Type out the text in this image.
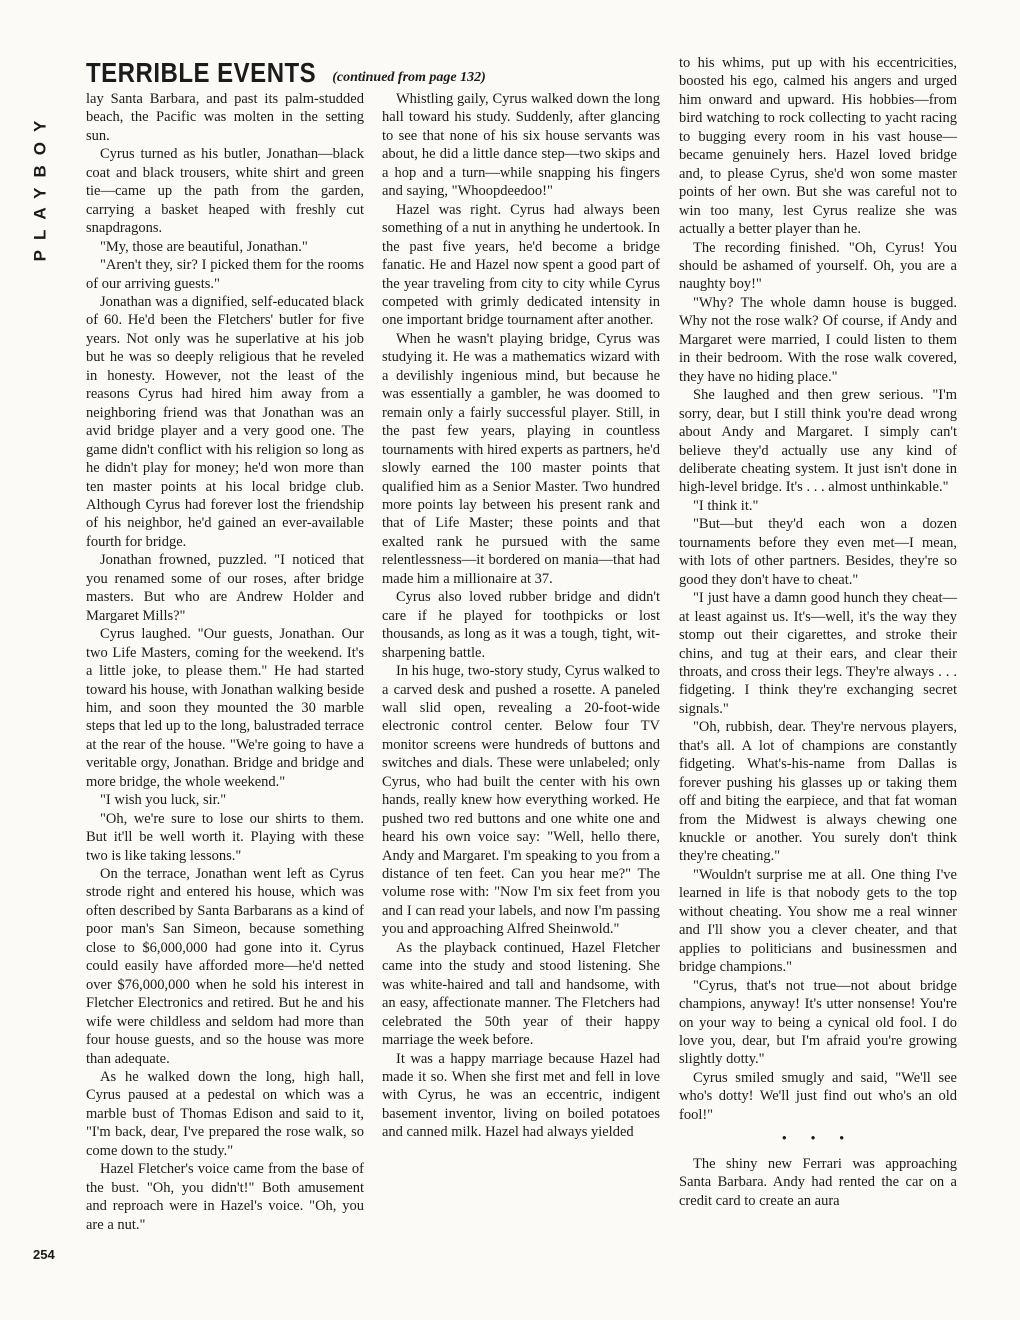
PLAYBOY
TERRIBLE EVENTS (continued from page 132)

lay Santa Barbara, and past its palm-studded beach, the Pacific was molten in the setting sun.

Cyrus turned as his butler, Jonathan—black coat and black trousers, white shirt and green tie—came up the path from the garden, carrying a basket heaped with freshly cut snapdragons.

"My, those are beautiful, Jonathan."

"Aren't they, sir? I picked them for the rooms of our arriving guests."

Jonathan was a dignified, self-educated black of 60. He'd been the Fletchers' butler for five years. Not only was he superlative at his job but he was so deeply religious that he reveled in honesty. However, not the least of the reasons Cyrus had hired him away from a neighboring friend was that Jonathan was an avid bridge player and a very good one. The game didn't conflict with his religion so long as he didn't play for money; he'd won more than ten master points at his local bridge club. Although Cyrus had forever lost the friendship of his neighbor, he'd gained an ever-available fourth for bridge.

Jonathan frowned, puzzled. "I noticed that you renamed some of our roses, after bridge masters. But who are Andrew Holder and Margaret Mills?"

Cyrus laughed. "Our guests, Jonathan. Our two Life Masters, coming for the weekend. It's a little joke, to please them." He had started toward his house, with Jonathan walking beside him, and soon they mounted the 30 marble steps that led up to the long, balustraded terrace at the rear of the house. "We're going to have a veritable orgy, Jonathan. Bridge and bridge and more bridge, the whole weekend."

"I wish you luck, sir."

"Oh, we're sure to lose our shirts to them. But it'll be well worth it. Playing with these two is like taking lessons."

On the terrace, Jonathan went left as Cyrus strode right and entered his house, which was often described by Santa Barbarans as a kind of poor man's San Simeon, because something close to $6,000,000 had gone into it. Cyrus could easily have afforded more—he'd netted over $76,000,000 when he sold his interest in Fletcher Electronics and retired. But he and his wife were childless and seldom had more than four house guests, and so the house was more than adequate.

As he walked down the long, high hall, Cyrus paused at a pedestal on which was a marble bust of Thomas Edison and said to it, "I'm back, dear, I've prepared the rose walk, so come down to the study."

Hazel Fletcher's voice came from the base of the bust. "Oh, you didn't!" Both amusement and reproach were in Hazel's voice. "Oh, you are a nut."

Whistling gaily, Cyrus walked down the long hall toward his study. Suddenly, after glancing to see that none of his six house servants was about, he did a little dance step—two skips and a hop and a turn—while snapping his fingers and saying, "Whoopdeedoo!"

Hazel was right. Cyrus had always been something of a nut in anything he undertook. In the past five years, he'd become a bridge fanatic. He and Hazel now spent a good part of the year traveling from city to city while Cyrus competed with grimly dedicated intensity in one important bridge tournament after another.

When he wasn't playing bridge, Cyrus was studying it. He was a mathematics wizard with a devilishly ingenious mind, but because he was essentially a gambler, he was doomed to remain only a fairly successful player. Still, in the past few years, playing in countless tournaments with hired experts as partners, he'd slowly earned the 100 master points that qualified him as a Senior Master. Two hundred more points lay between his present rank and that of Life Master; these points and that exalted rank he pursued with the same relentlessness—it bordered on mania—that had made him a millionaire at 37.

Cyrus also loved rubber bridge and didn't care if he played for toothpicks or lost thousands, as long as it was a tough, tight, wit-sharpening battle.

In his huge, two-story study, Cyrus walked to a carved desk and pushed a rosette. A paneled wall slid open, revealing a 20-foot-wide electronic control center. Below four TV monitor screens were hundreds of buttons and switches and dials. These were unlabeled; only Cyrus, who had built the center with his own hands, really knew how everything worked. He pushed two red buttons and one white one and heard his own voice say: "Well, hello there, Andy and Margaret. I'm speaking to you from a distance of ten feet. Can you hear me?" The volume rose with: "Now I'm six feet from you and I can read your labels, and now I'm passing you and approaching Alfred Sheinwold."

As the playback continued, Hazel Fletcher came into the study and stood listening. She was white-haired and tall and handsome, with an easy, affectionate manner. The Fletchers had celebrated the 50th year of their happy marriage the week before.

It was a happy marriage because Hazel had made it so. When she first met and fell in love with Cyrus, he was an eccentric, indigent basement inventor, living on boiled potatoes and canned milk. Hazel had always yielded

to his whims, put up with his eccentricities, boosted his ego, calmed his angers and urged him onward and upward. His hobbies—from bird watching to rock collecting to yacht racing to bugging every room in his vast house—became genuinely hers. Hazel loved bridge and, to please Cyrus, she'd won some master points of her own. But she was careful not to win too many, lest Cyrus realize she was actually a better player than he.

The recording finished. "Oh, Cyrus! You should be ashamed of yourself. Oh, you are a naughty boy!"

"Why? The whole damn house is bugged. Why not the rose walk? Of course, if Andy and Margaret were married, I could listen to them in their bedroom. With the rose walk covered, they have no hiding place."

She laughed and then grew serious. "I'm sorry, dear, but I still think you're dead wrong about Andy and Margaret. I simply can't believe they'd actually use any kind of deliberate cheating system. It just isn't done in high-level bridge. It's . . . almost unthinkable."

"I think it."

"But—but they'd each won a dozen tournaments before they even met—I mean, with lots of other partners. Besides, they're so good they don't have to cheat."

"I just have a damn good hunch they cheat—at least against us. It's—well, it's the way they stomp out their cigarettes, and stroke their chins, and tug at their ears, and clear their throats, and cross their legs. They're always . . . fidgeting. I think they're exchanging secret signals."

"Oh, rubbish, dear. They're nervous players, that's all. A lot of champions are constantly fidgeting. What's-his-name from Dallas is forever pushing his glasses up or taking them off and biting the earpiece, and that fat woman from the Midwest is always chewing one knuckle or another. You surely don't think they're cheating."

"Wouldn't surprise me at all. One thing I've learned in life is that nobody gets to the top without cheating. You show me a real winner and I'll show you a clever cheater, and that applies to politicians and businessmen and bridge champions."

"Cyrus, that's not true—not about bridge champions, anyway! It's utter nonsense! You're on your way to being a cynical old fool. I do love you, dear, but I'm afraid you're growing slightly dotty."

Cyrus smiled smugly and said, "We'll see who's dotty! We'll just find out who's an old fool!"

• • •

The shiny new Ferrari was approaching Santa Barbara. Andy had rented the car on a credit card to create an aura

254
